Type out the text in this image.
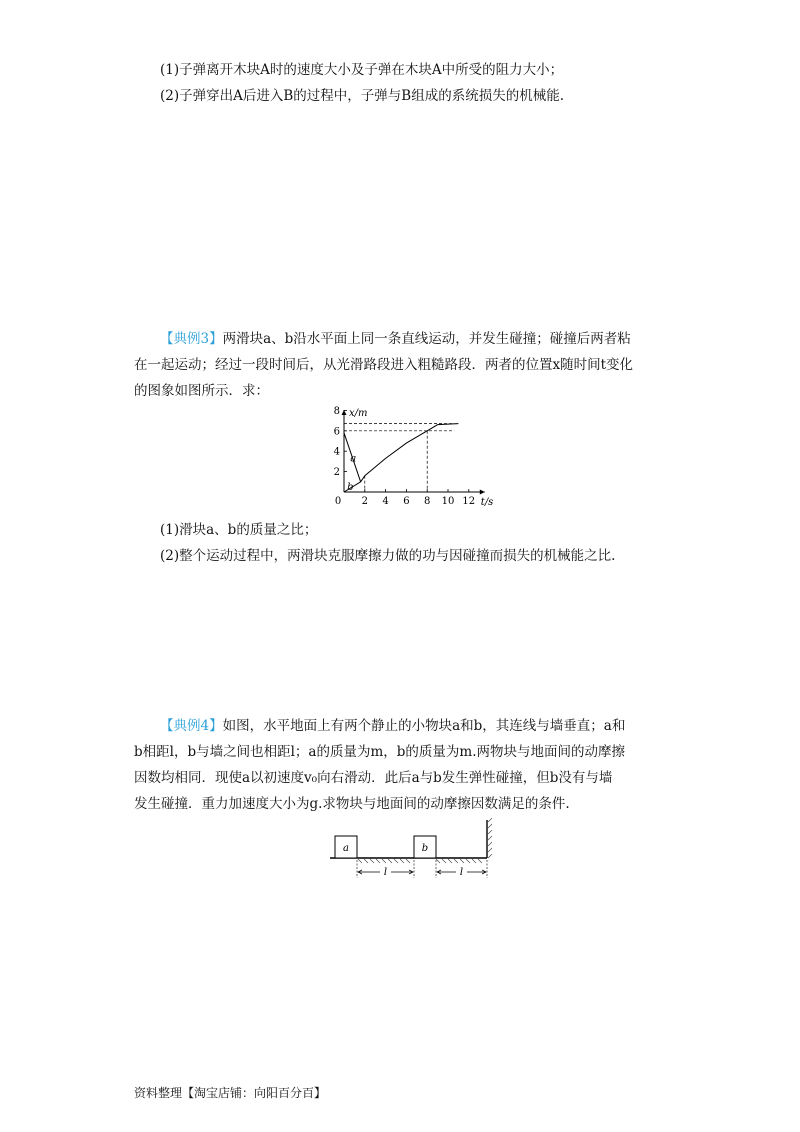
(1)子弹离开木块A时的速度大小及子弹在木块A中所受的阻力大小；
(2)子弹穿出A后进入B的过程中，子弹与B组成的系统损失的机械能.
【典例3】两滑块a、b沿水平面上同一条直线运动，并发生碰撞；碰撞后两者粘
在一起运动；经过一段时间后，从光滑路段进入粗糙路段．两者的位置x随时间t变化
的图象如图所示．求：
(1)滑块a、b的质量之比；
(2)整个运动过程中，两滑块克服摩擦力做的功与因碰撞而损失的机械能之比.
x/m
t/s
0 2 4 6 8 10 12
2
4
6
8
a
b
【典例4】如图，水平地面上有两个静止的小物块a和b，其连线与墙垂直；a和
b相距l，b与墙之间也相距l；a的质量为m，b的质量为m.两物块与地面间的动摩擦
因数均相同．现使a以初速度v₀向右滑动．此后a与b发生弹性碰撞，但b没有与墙
发生碰撞．重力加速度大小为g.求物块与地面间的动摩擦因数满足的条件.
a	b
l	l
资料整理【淘宝店铺：向阳百分百】
